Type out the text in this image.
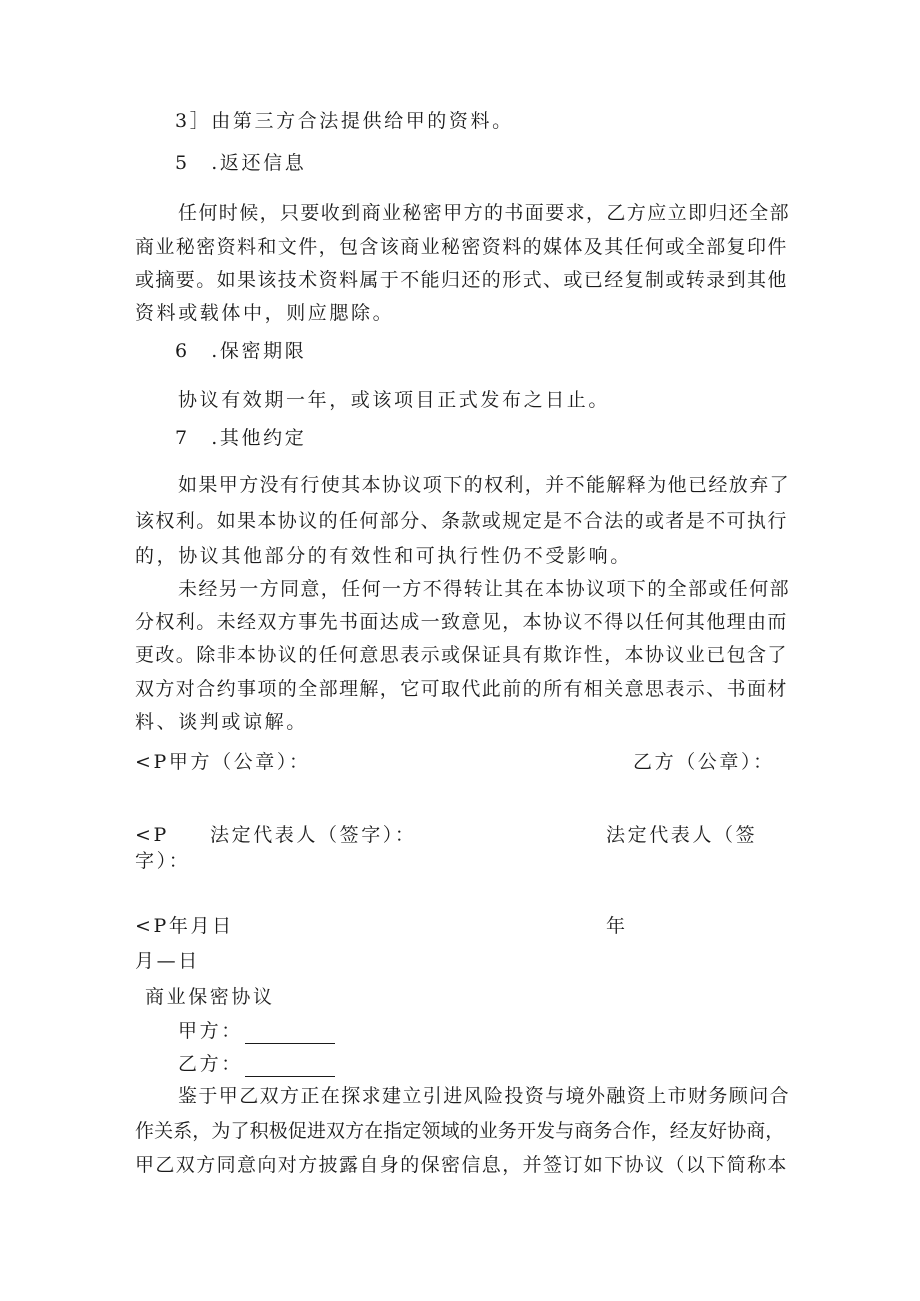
3］由第三方合法提供给甲的资料。
5　.返还信息
任何时候，只要收到商业秘密甲方的书面要求，乙方应立即归还全部
商业秘密资料和文件，包含该商业秘密资料的媒体及其任何或全部复印件
或摘要。如果该技术资料属于不能归还的形式、或已经复制或转录到其他
资料或载体中，则应腮除。
6　.保密期限
协议有效期一年，或该项目正式发布之日止。
7　.其他约定
如果甲方没有行使其本协议项下的权利，并不能解释为他已经放弃了
该权利。如果本协议的任何部分、条款或规定是不合法的或者是不可执行
的，协议其他部分的有效性和可执行性仍不受影响。
未经另一方同意，任何一方不得转让其在本协议项下的全部或任何部
分权利。未经双方事先书面达成一致意见，本协议不得以任何其他理由而
更改。除非本协议的任何意思表示或保证具有欺诈性，本协议业已包含了
双方对合约事项的全部理解，它可取代此前的所有相关意思表示、书面材
料、谈判或谅解。
<P甲方（公章）：	乙方（公章）：
<P 法定代表人（签字）：	法定代表人（签
字）：
<P年月日	年
月—日
商业保密协议
甲方：
乙方：
鉴于甲乙双方正在探求建立引进风险投资与境外融资上市财务顾问合
作关系，为了积极促进双方在指定领域的业务开发与商务合作，经友好协商，
甲乙双方同意向对方披露自身的保密信息，并签订如下协议（以下简称本
